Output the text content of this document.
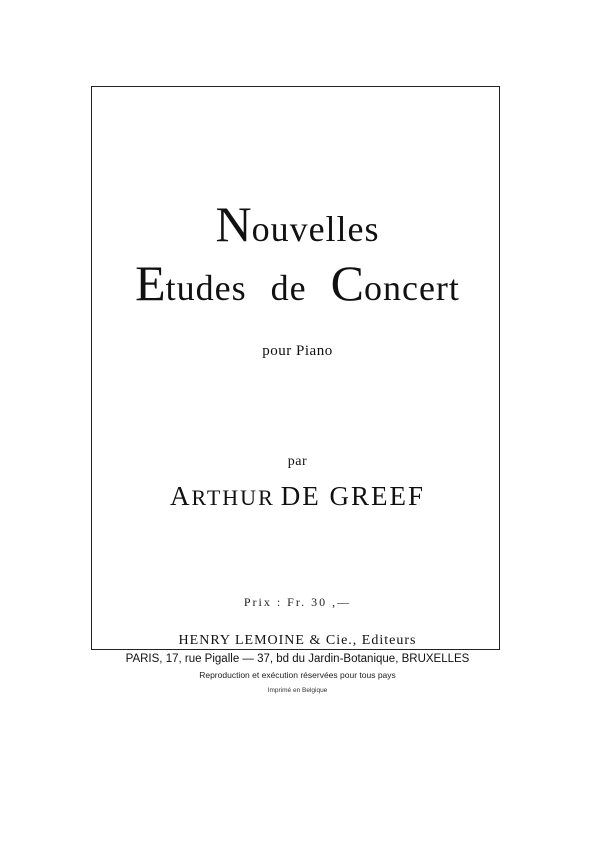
Nouvelles
Etudes de Concert
pour Piano
par
ARTHUR DE GREEF
Prix : Fr. 30 ,—
HENRY LEMOINE & Cie., Editeurs
PARIS, 17, rue Pigalle — 37, bd du Jardin-Botanique, BRUXELLES
Reproduction et exécution réservées pour tous pays
Imprimé en Belgique
